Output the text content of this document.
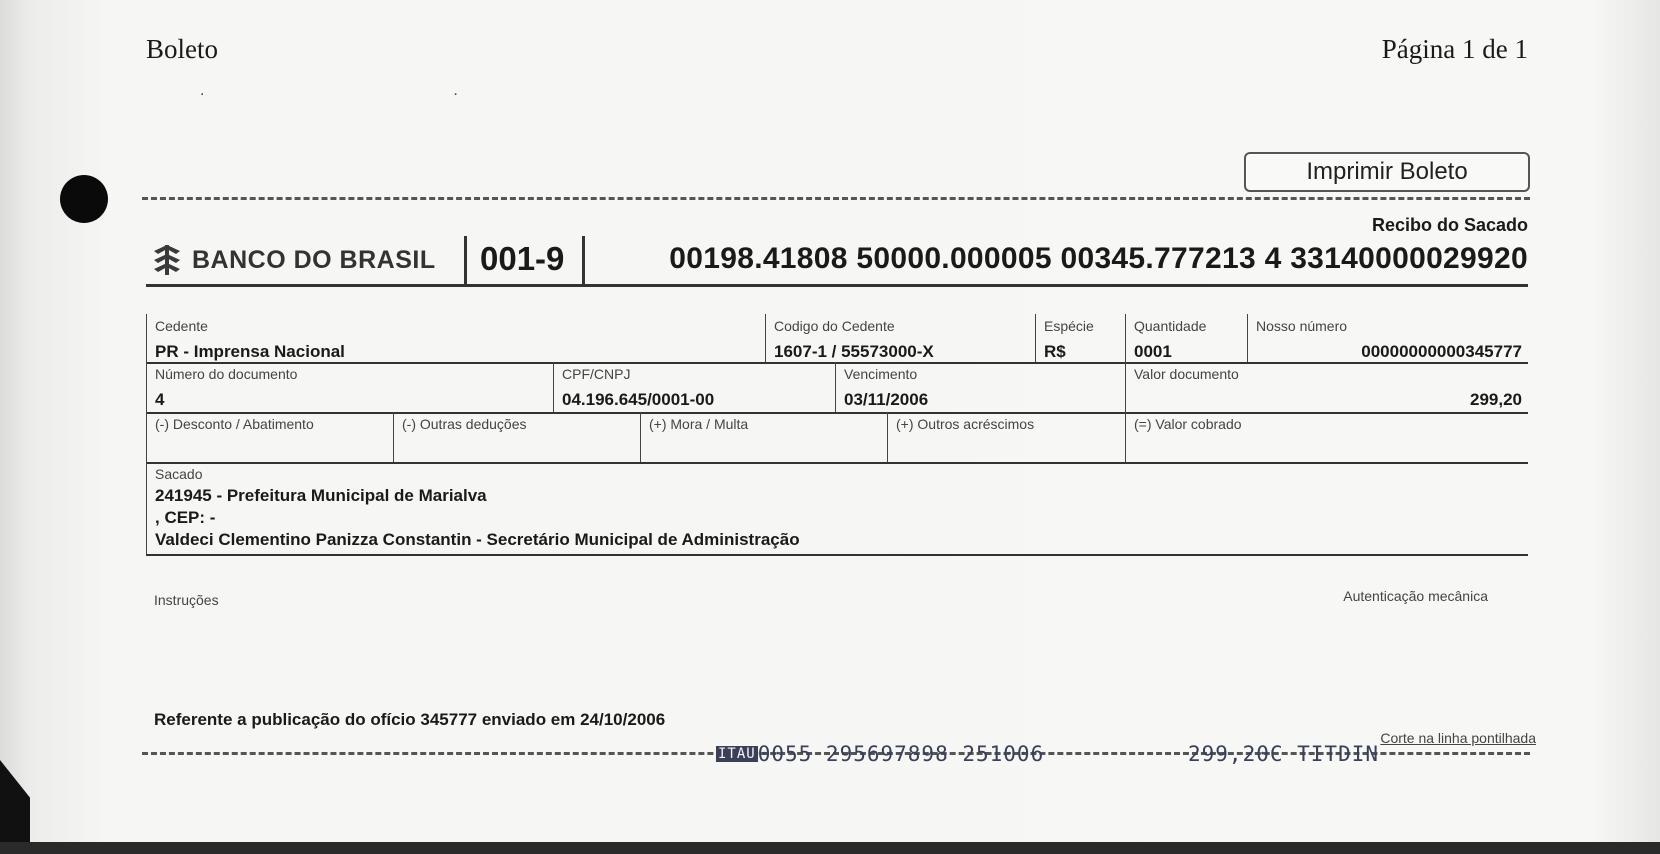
Boleto	Página 1 de 1
.  .
Imprimir Boleto
Recibo do Sacado
BANCO DO BRASIL 001-9	00198.41808 50000.000005 00345.777213 4 33140000029920
Cedente
PR - Imprensa Nacional
Codigo do Cedente
1607-1 / 55573000-X
Espécie
R$
Quantidade
0001
Nosso número
00000000000345777
Número do documento
4
CPF/CNPJ
04.196.645/0001-00
Vencimento
03/11/2006
Valor documento
299,20
(-) Desconto / Abatimento	(-) Outras deduções	(+) Mora / Multa	(+) Outros acréscimos	(=) Valor cobrado
Sacado
241945 - Prefeitura Municipal de Marialva
, CEP: -
Valdeci Clementino Panizza Constantin - Secretário Municipal de Administração
Instruções	Autenticação mecânica
Referente a publicação do ofício 345777 enviado em 24/10/2006
Corte na linha pontilhada
ITAU0055 295697898 251006	299,20C TITDIN
